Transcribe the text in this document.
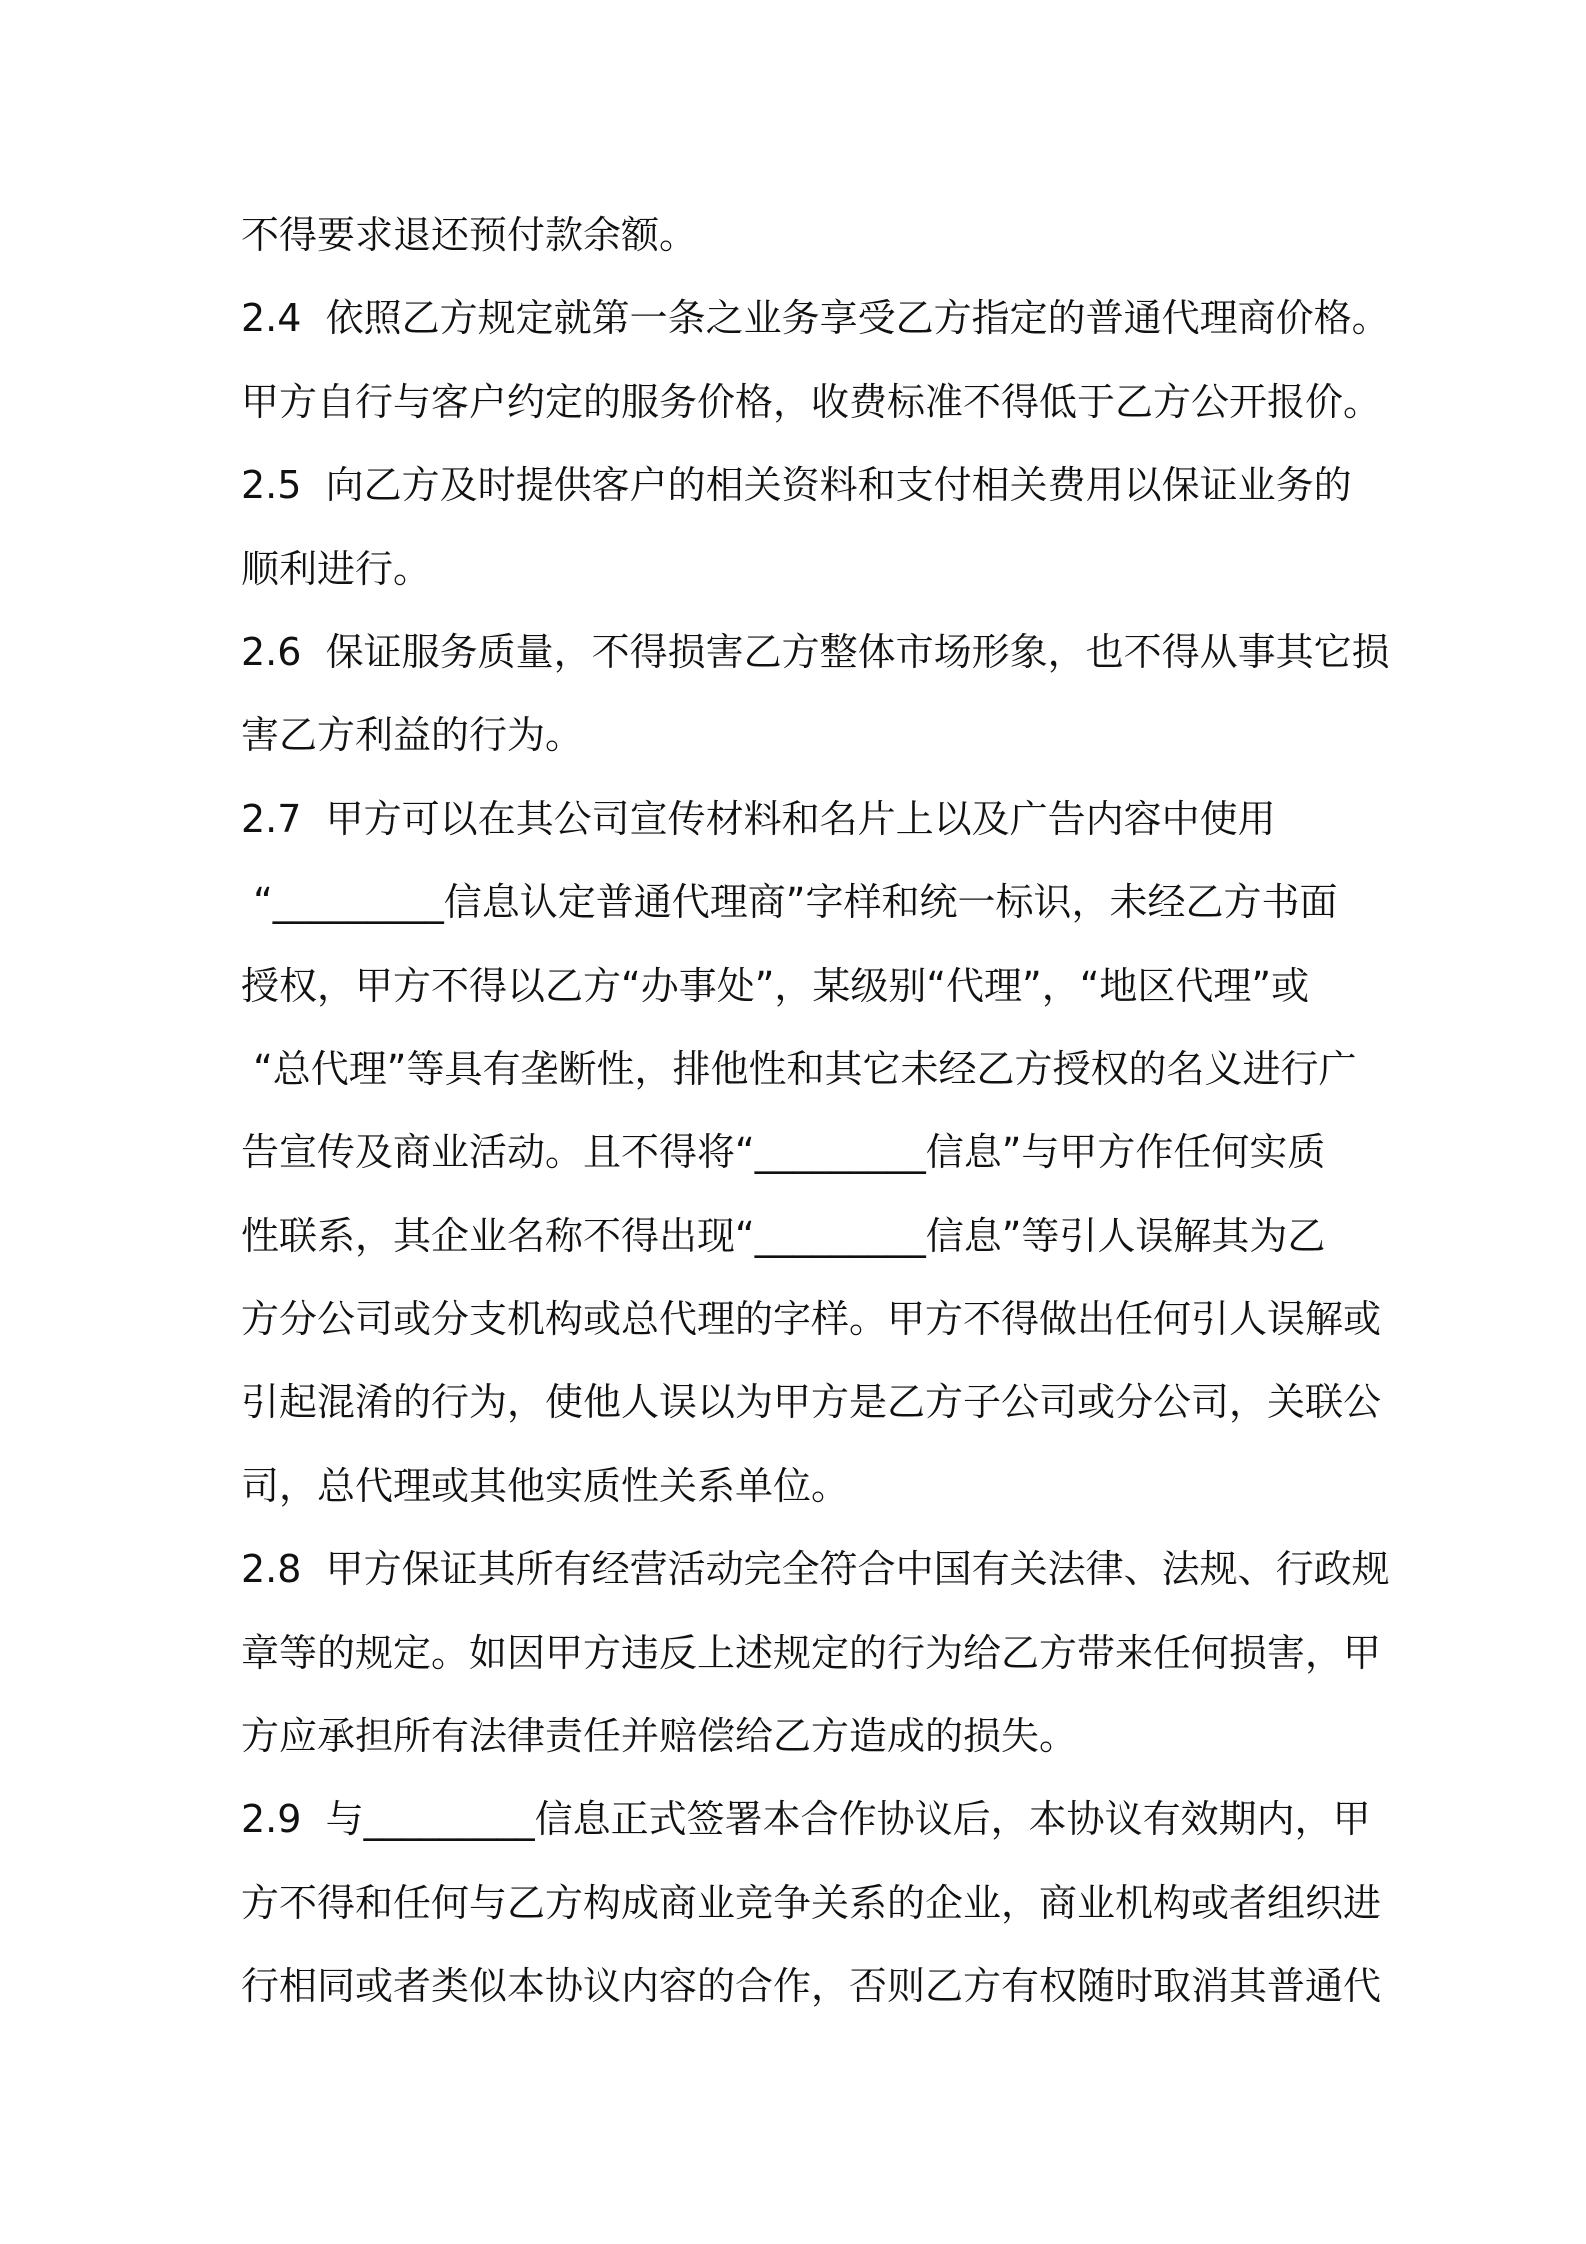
不得要求退还预付款余额。
2.4  依照乙方规定就第一条之业务享受乙方指定的普通代理商价格。
甲方自行与客户约定的服务价格，收费标准不得低于乙方公开报价。
2.5  向乙方及时提供客户的相关资料和支付相关费用以保证业务的
顺利进行。
2.6  保证服务质量，不得损害乙方整体市场形象，也不得从事其它损
害乙方利益的行为。
2.7  甲方可以在其公司宣传材料和名片上以及广告内容中使用
“_________信息认定普通代理商”字样和统一标识，未经乙方书面
授权，甲方不得以乙方“办事处”，某级别“代理”，“地区代理”或
“总代理”等具有垄断性，排他性和其它未经乙方授权的名义进行广
告宣传及商业活动。且不得将“_________信息”与甲方作任何实质
性联系，其企业名称不得出现“_________信息”等引人误解其为乙
方分公司或分支机构或总代理的字样。甲方不得做出任何引人误解或
引起混淆的行为，使他人误以为甲方是乙方子公司或分公司，关联公
司，总代理或其他实质性关系单位。
2.8  甲方保证其所有经营活动完全符合中国有关法律、法规、行政规
章等的规定。如因甲方违反上述规定的行为给乙方带来任何损害，甲
方应承担所有法律责任并赔偿给乙方造成的损失。
2.9  与_________信息正式签署本合作协议后，本协议有效期内，甲
方不得和任何与乙方构成商业竞争关系的企业，商业机构或者组织进
行相同或者类似本协议内容的合作，否则乙方有权随时取消其普通代
